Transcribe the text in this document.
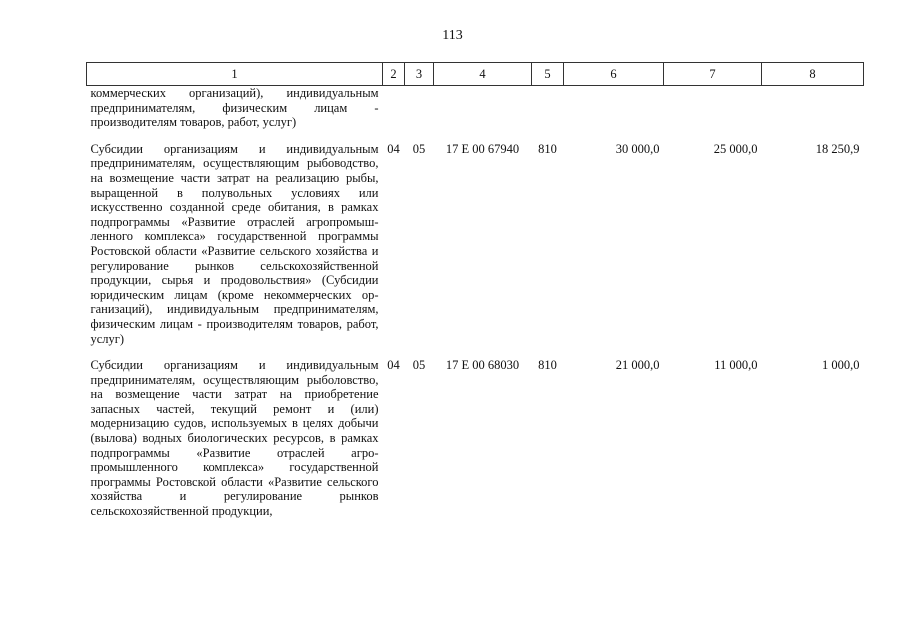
113
1	2	3	4	5	6	7	8
коммерческих организаций), индивидуальным предпринимателям, физическим лицам - производителям товаров, работ, услуг)							
Субсидии организациям и индивидуальным предпринимателям, осуществляющим рыбоводство, на возмещение части затрат на реализацию рыбы, выращенной в полувольных условиях или искусственно созданной среде обитания, в рамках подпрограммы «Развитие отраслей агропромышленного комплекса» государственной программы Ростовской области «Развитие сельского хозяйства и регулирование рынков сельскохозяйственной продукции, сырья и продовольствия» (Субсидии юридическим лицам (кроме некоммерческих организаций), индивидуальным предпринимателям, физическим лицам - производителям товаров, работ, услуг)	04	05	17 Е 00 67940	810	30 000,0	25 000,0	18 250,9
Субсидии организациям и индивидуальным предпринимателям, осуществляющим рыболовство, на возмещение части затрат на приобретение запасных частей, текущий ремонт и (или) модернизацию судов, используемых в целях добычи (вылова) водных биологических ресурсов, в рамках подпрограммы «Развитие отраслей агропромышленного комплекса» государственной программы Ростовской области «Развитие сельского хозяйства и регулирование рынков сельскохозяйственной продукции,	04	05	17 Е 00 68030	810	21 000,0	11 000,0	1 000,0
